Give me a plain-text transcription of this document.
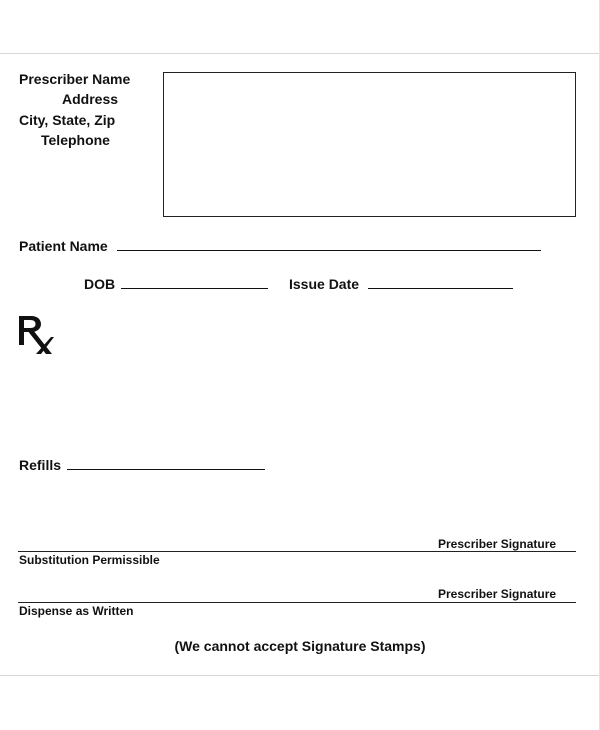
Prescriber Name
Address
City, State, Zip
Telephone
Patient Name
DOB	Issue Date
Refills
Prescriber Signature
Substitution Permissible
Prescriber Signature
Dispense as Written
(We cannot accept Signature Stamps)
